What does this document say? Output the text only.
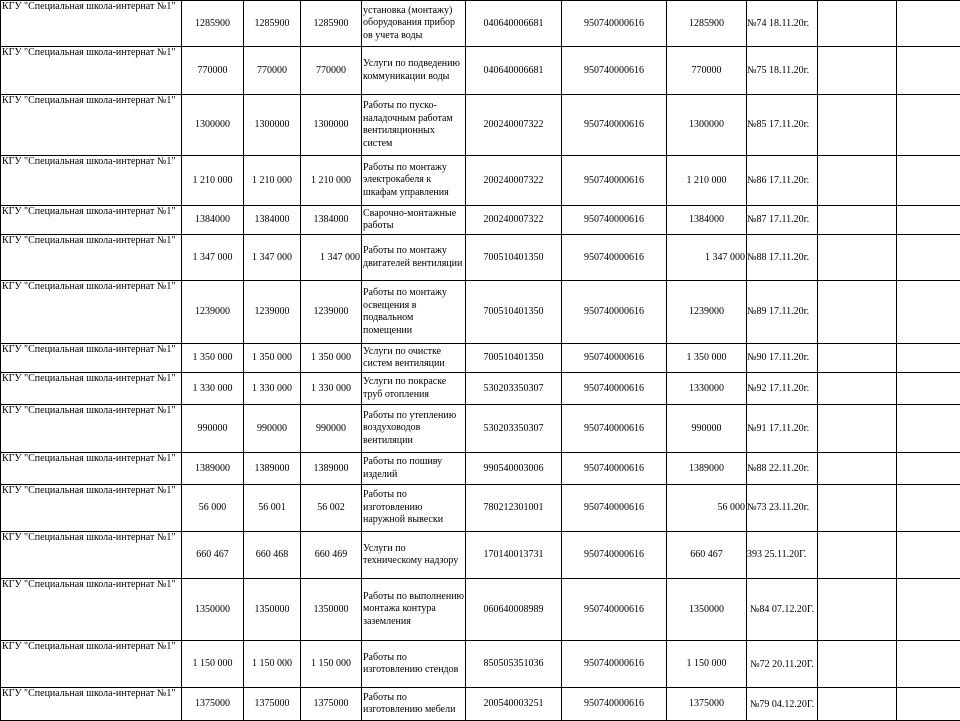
КГУ "Специальная школа-интернат №1"	1285900	1285900	1285900	установка (монтажу) оборудования прибор ов учета воды	040640006681	950740000616	1285900	№74 18.11.20г.		
КГУ "Специальная школа-интернат №1"	770000	770000	770000	Услуги по подведению коммуникации воды	040640006681	950740000616	770000	№75 18.11.20г.		
КГУ "Специальная школа-интернат №1"	1300000	1300000	1300000	Работы по пуско-наладочным работам вентиляционных систем	200240007322	950740000616	1300000	№85 17.11.20г.		
КГУ "Специальная школа-интернат №1"	1 210 000	1 210 000	1 210 000	Работы по монтажу электрокабеля к шкафам управления	200240007322	950740000616	1 210 000	№86 17.11.20г.		
КГУ "Специальная школа-интернат №1"	1384000	1384000	1384000	Сварочно-монтажные работы	200240007322	950740000616	1384000	№87 17.11.20г.		
КГУ "Специальная школа-интернат №1"	1 347 000	1 347 000	1 347 000	Работы по монтажу двигателей вентиляции	700510401350	950740000616	1 347 000	№88 17.11.20г.		
КГУ "Специальная школа-интернат №1"	1239000	1239000	1239000	Работы по монтажу освещения в подвальном помещении	700510401350	950740000616	1239000	№89 17.11.20г.		
КГУ "Специальная школа-интернат №1"	1 350 000	1 350 000	1 350 000	Услуги по очистке систем вентиляции	700510401350	950740000616	1 350 000	№90 17.11.20г.		
КГУ "Специальная школа-интернат №1"	1 330 000	1 330 000	1 330 000	Услуги по покраске труб отопления	530203350307	950740000616	1330000	№92 17.11.20г.		
КГУ "Специальная школа-интернат №1"	990000	990000	990000	Работы по утеплению воздуховодов вентиляции	530203350307	950740000616	990000	№91 17.11.20г.		
КГУ "Специальная школа-интернат №1"	1389000	1389000	1389000	Работы по пошиву изделий	990540003006	950740000616	1389000	№88 22.11.20г.		
КГУ "Специальная школа-интернат №1"	56 000	56 001	56 002	Работы по изготовлению наружной вывески	780212301001	950740000616	56 000	№73 23.11.20г.		
КГУ "Специальная школа-интернат №1"	660 467	660 468	660 469	Услуги по техническому надзору	170140013731	950740000616	660 467	393 25.11.20Г.		
КГУ "Специальная школа-интернат №1"	1350000	1350000	1350000	Работы по выполнению монтажа контура заземления	060640008989	950740000616	1350000	№84 07.12.20Г.		
КГУ "Специальная школа-интернат №1"	1 150 000	1 150 000	1 150 000	Работы по изготовлению стендов	850505351036	950740000616	1 150 000	№72 20.11.20Г.		
КГУ "Специальная школа-интернат №1"	1375000	1375000	1375000	Работы по изготовлению мебели	200540003251	950740000616	1375000	№79 04.12.20Г.		
